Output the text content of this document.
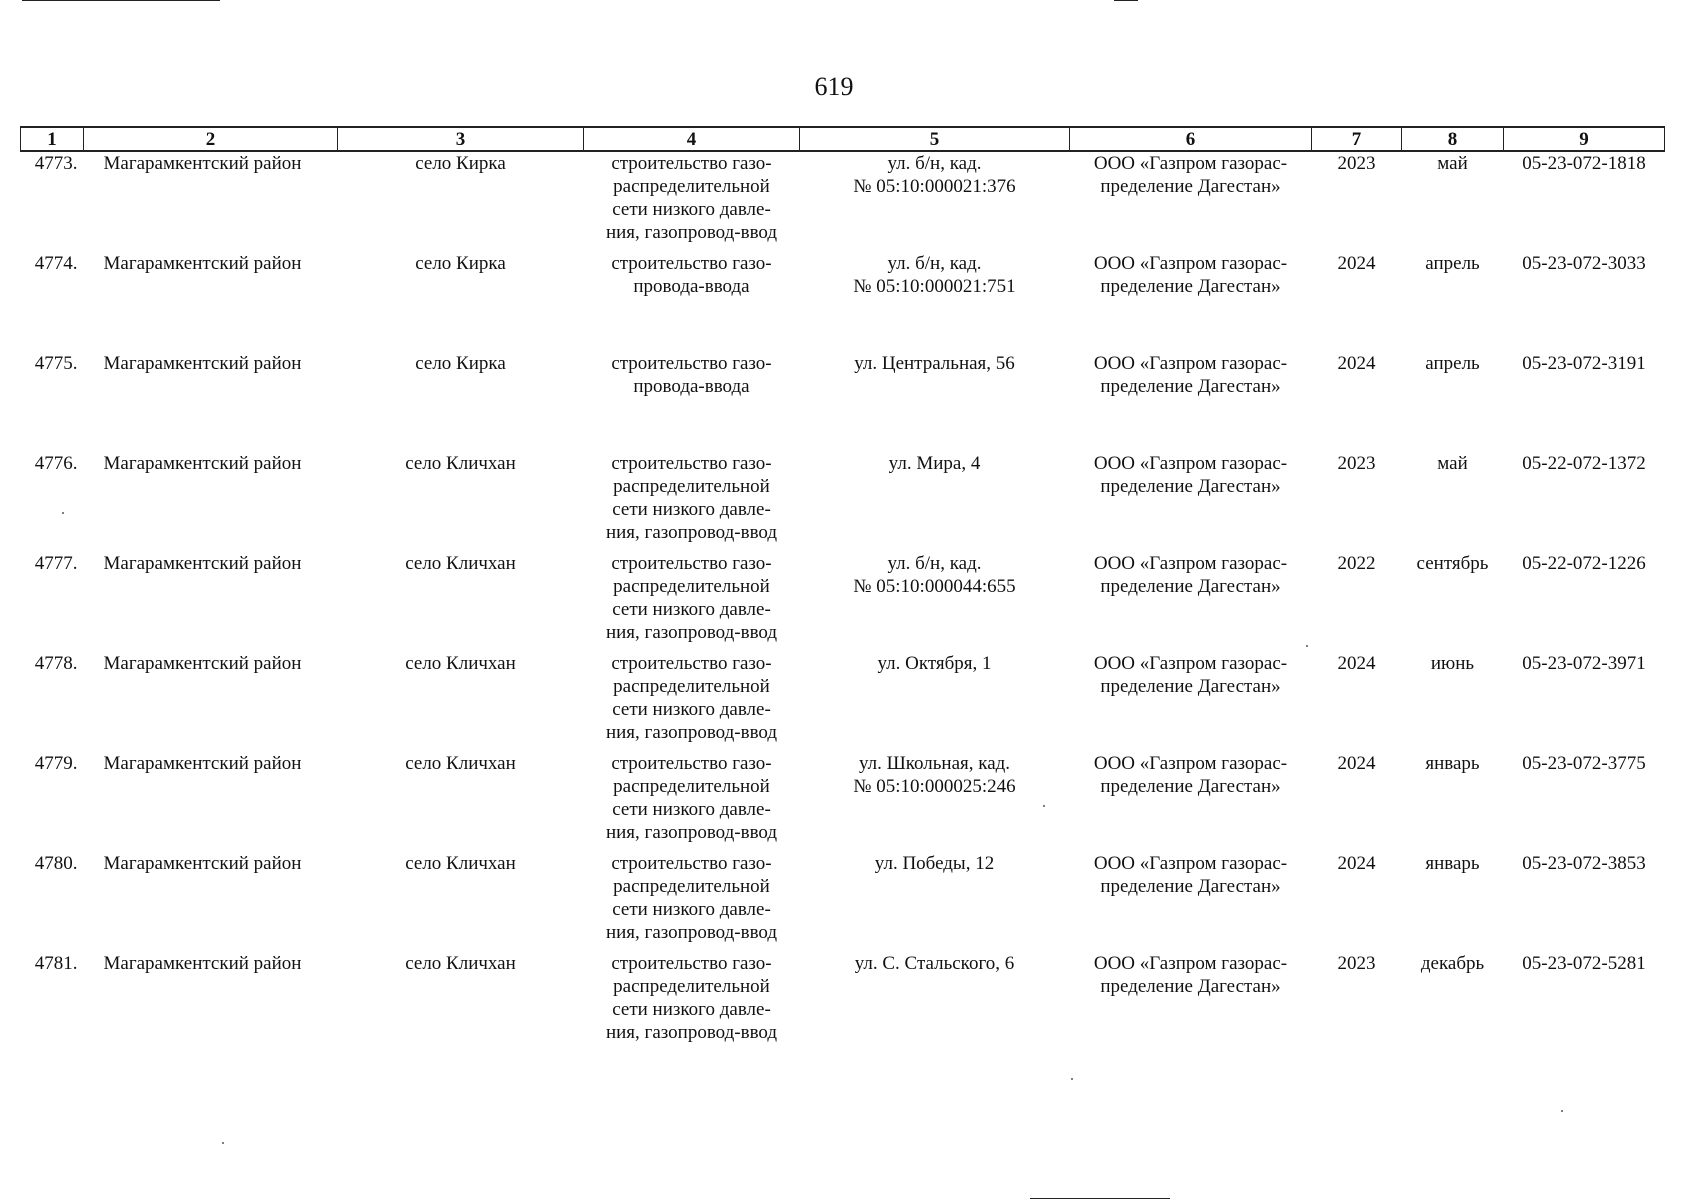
619
1	2	3	4	5	6	7	8	9
4773.	Магарамкентский район	село Кирка	строительство газо-
распределительной
сети низкого давле-
ния, газопровод-ввод	ул. б/н, кад.
№ 05:10:000021:376	ООО «Газпром газорас-
пределение Дагестан»	2023	май	05-23-072-1818
4774.	Магарамкентский район	село Кирка	строительство газо-
провода-ввода	ул. б/н, кад.
№ 05:10:000021:751	ООО «Газпром газорас-
пределение Дагестан»	2024	апрель	05-23-072-3033
4775.	Магарамкентский район	село Кирка	строительство газо-
провода-ввода	ул. Центральная, 56	ООО «Газпром газорас-
пределение Дагестан»	2024	апрель	05-23-072-3191
4776.	Магарамкентский район	село Кличхан	строительство газо-
распределительной
сети низкого давле-
ния, газопровод-ввод	ул. Мира, 4	ООО «Газпром газорас-
пределение Дагестан»	2023	май	05-22-072-1372
4777.	Магарамкентский район	село Кличхан	строительство газо-
распределительной
сети низкого давле-
ния, газопровод-ввод	ул. б/н, кад.
№ 05:10:000044:655	ООО «Газпром газорас-
пределение Дагестан»	2022	сентябрь	05-22-072-1226
4778.	Магарамкентский район	село Кличхан	строительство газо-
распределительной
сети низкого давле-
ния, газопровод-ввод	ул. Октября, 1	ООО «Газпром газорас-
пределение Дагестан»	2024	июнь	05-23-072-3971
4779.	Магарамкентский район	село Кличхан	строительство газо-
распределительной
сети низкого давле-
ния, газопровод-ввод	ул. Школьная, кад.
№ 05:10:000025:246	ООО «Газпром газорас-
пределение Дагестан»	2024	январь	05-23-072-3775
4780.	Магарамкентский район	село Кличхан	строительство газо-
распределительной
сети низкого давле-
ния, газопровод-ввод	ул. Победы, 12	ООО «Газпром газорас-
пределение Дагестан»	2024	январь	05-23-072-3853
4781.	Магарамкентский район	село Кличхан	строительство газо-
распределительной
сети низкого давле-
ния, газопровод-ввод	ул. С. Стальского, 6	ООО «Газпром газорас-
пределение Дагестан»	2023	декабрь	05-23-072-5281
